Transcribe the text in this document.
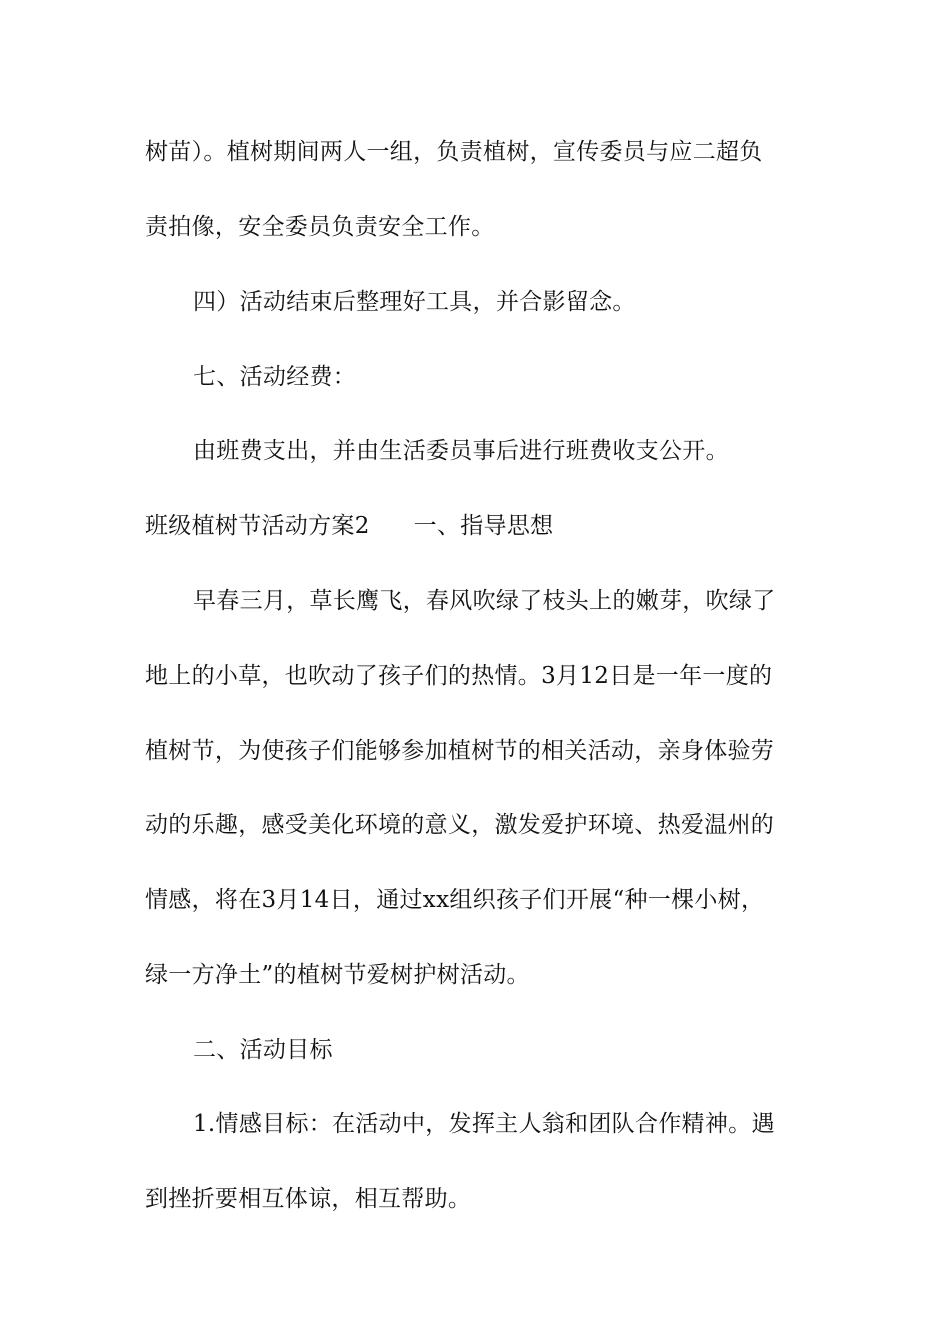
树苗）。植树期间两人一组，负责植树，宣传委员与应二超负
责拍像，安全委员负责安全工作。
四）活动结束后整理好工具，并合影留念。
七、活动经费：
由班费支出，并由生活委员事后进行班费收支公开。
班级植树节活动方案2 一、指导思想
早春三月，草长鹰飞，春风吹绿了枝头上的嫩芽，吹绿了
地上的小草，也吹动了孩子们的热情。3月12日是一年一度的
植树节，为使孩子们能够参加植树节的相关活动，亲身体验劳
动的乐趣，感受美化环境的意义，激发爱护环境、热爱温州的
情感，将在3月14日，通过xx组织孩子们开展“种一棵小树，
绿一方净土”的植树节爱树护树活动。
二、活动目标
1.情感目标：在活动中，发挥主人翁和团队合作精神。遇
到挫折要相互体谅，相互帮助。
